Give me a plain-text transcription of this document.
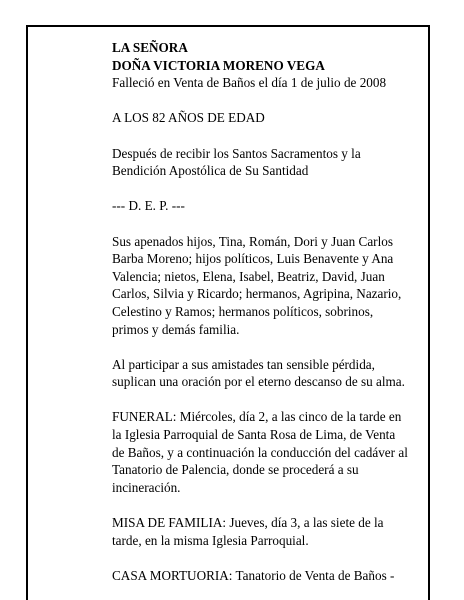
LA SEÑORA
DOÑA VICTORIA MORENO VEGA
Falleció en Venta de Baños el día 1 de julio de 2008
A LOS 82 AÑOS DE EDAD
Después de recibir los Santos Sacramentos y la
Bendición Apostólica de Su Santidad
--- D. E. P. ---
Sus apenados hijos, Tina, Román, Dori y Juan Carlos
Barba Moreno; hijos políticos, Luis Benavente y Ana
Valencia; nietos, Elena, Isabel, Beatriz, David, Juan
Carlos, Silvia y Ricardo; hermanos, Agripina, Nazario,
Celestino y Ramos; hermanos políticos, sobrinos,
primos y demás familia.
Al participar a sus amistades tan sensible pérdida,
suplican una oración por el eterno descanso de su alma.
FUNERAL: Miércoles, día 2, a las cinco de la tarde en
la Iglesia Parroquial de Santa Rosa de Lima, de Venta
de Baños, y a continuación la conducción del cadáver al
Tanatorio de Palencia, donde se procederá a su
incineración.
MISA DE FAMILIA: Jueves, día 3, a las siete de la
tarde, en la misma Iglesia Parroquial.
CASA MORTUORIA: Tanatorio de Venta de Baños -
